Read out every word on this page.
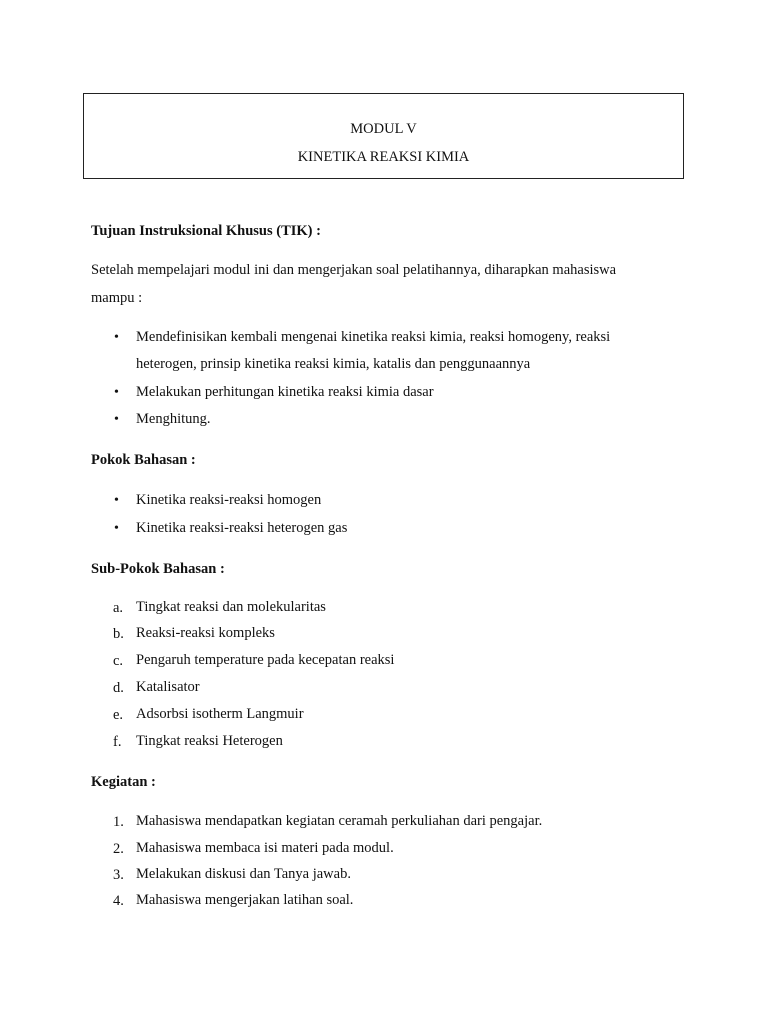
MODUL V
KINETIKA REAKSI KIMIA
Tujuan Instruksional Khusus (TIK) :
Setelah mempelajari modul ini dan mengerjakan soal pelatihannya, diharapkan mahasiswa mampu :
•	Mendefinisikan kembali mengenai kinetika reaksi kimia, reaksi homogeny, reaksi heterogen, prinsip kinetika reaksi kimia, katalis dan penggunaannya
•	Melakukan perhitungan kinetika reaksi kimia dasar
•	Menghitung.
Pokok Bahasan :
•	Kinetika reaksi-reaksi homogen
•	Kinetika reaksi-reaksi heterogen gas
Sub-Pokok Bahasan :
a. Tingkat reaksi dan molekularitas
b. Reaksi-reaksi kompleks
c. Pengaruh temperature pada kecepatan reaksi
d. Katalisator
e. Adsorbsi isotherm Langmuir
f.	Tingkat reaksi Heterogen
Kegiatan :
1. Mahasiswa mendapatkan kegiatan ceramah perkuliahan dari pengajar.
2. Mahasiswa membaca isi materi pada modul.
3. Melakukan diskusi dan Tanya jawab.
4. Mahasiswa mengerjakan latihan soal.
